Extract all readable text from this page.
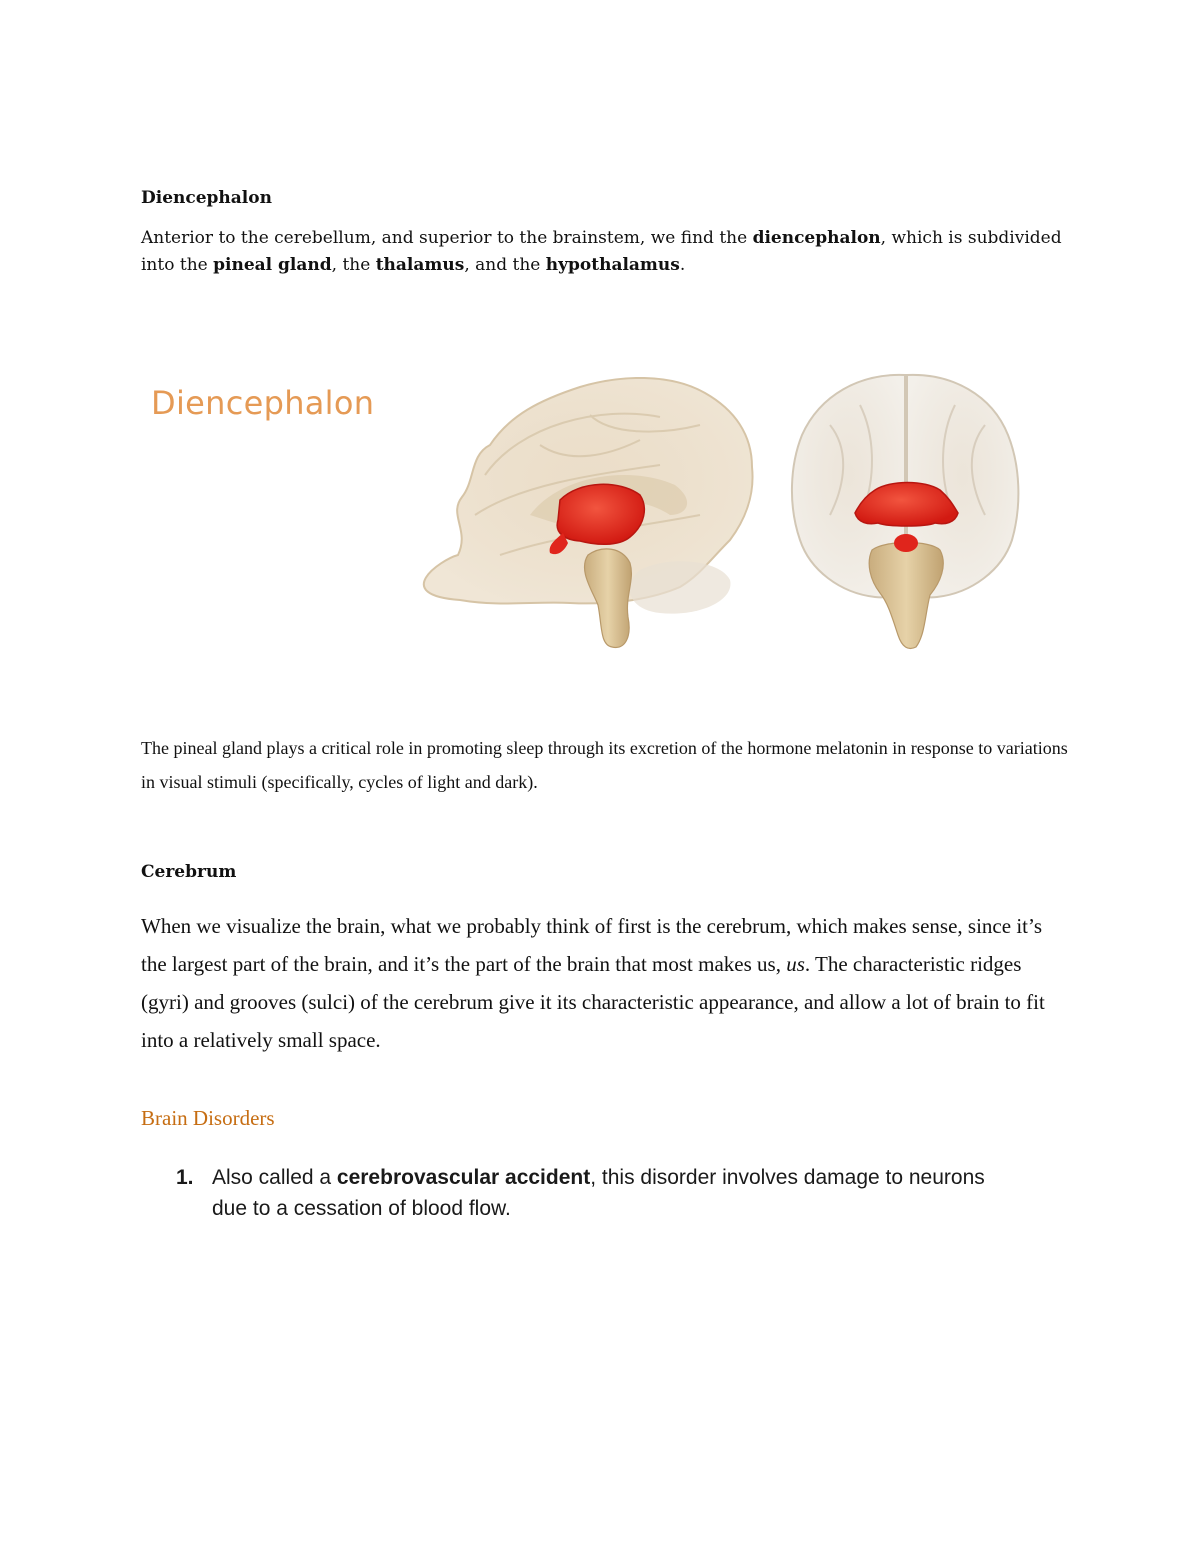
Diencephalon
Anterior to the cerebellum, and superior to the brainstem, we find the diencephalon, which is subdivided into the pineal gland, the thalamus, and the hypothalamus.
Diencephalon
The pineal gland plays a critical role in promoting sleep through its excretion of the hormone melatonin in response to variations in visual stimuli (specifically, cycles of light and dark).
Cerebrum
When we visualize the brain, what we probably think of first is the cerebrum, which makes sense, since it’s the largest part of the brain, and it’s the part of the brain that most makes us, us. The characteristic ridges (gyri) and grooves (sulci) of the cerebrum give it its characteristic appearance, and allow a lot of brain to fit into a relatively small space.
Brain Disorders
1. Also called a cerebrovascular accident, this disorder involves damage to neurons due to a cessation of blood flow.
